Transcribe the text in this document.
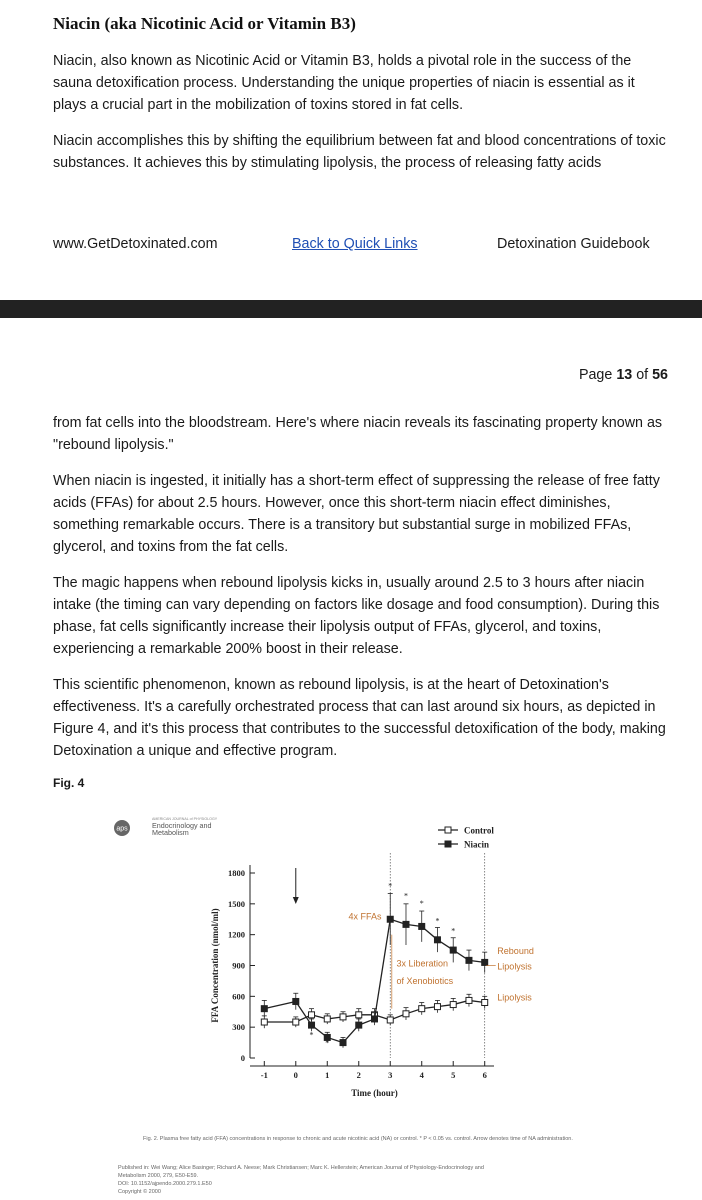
Niacin (aka Nicotinic Acid or Vitamin B3)
Niacin, also known as Nicotinic Acid or Vitamin B3, holds a pivotal role in the success of the sauna detoxification process. Understanding the unique properties of niacin is essential as it plays a crucial part in the mobilization of toxins stored in fat cells.
Niacin accomplishes this by shifting the equilibrium between fat and blood concentrations of toxic substances. It achieves this by stimulating lipolysis, the process of releasing fatty acids
www.GetDetoxinated.com	Back to Quick Links	Detoxination Guidebook
Page 13 of 56
from fat cells into the bloodstream. Here's where niacin reveals its fascinating property known as "rebound lipolysis."
When niacin is ingested, it initially has a short-term effect of suppressing the release of free fatty acids (FFAs) for about 2.5 hours. However, once this short-term niacin effect diminishes, something remarkable occurs. There is a transitory but substantial surge in mobilized FFAs, glycerol, and toxins from the fat cells.
The magic happens when rebound lipolysis kicks in, usually around 2.5 to 3 hours after niacin intake (the timing can vary depending on factors like dosage and food consumption). During this phase, fat cells significantly increase their lipolysis output of FFAs, glycerol, and toxins, experiencing a remarkable 200% boost in their release.
This scientific phenomenon, known as rebound lipolysis, is at the heart of Detoxination's effectiveness. It's a carefully orchestrated process that can last around six hours, as depicted in Figure 4, and it's this process that contributes to the successful detoxification of the body, making Detoxination a unique and effective program.
Fig. 4
aps
AMERICAN JOURNAL of PHYSIOLOGY
Endocrinology and
Metabolism
0
300
600
900
1200
1500
1800
-1	0	1	2	3	4	5	6
Time (hour)
FFA Concentration (nmol/ml)
Control
Niacin
4x FFAs
3x Liberation
of Xenobiotics
Rebound
Lipolysis
Lipolysis
*
* *
*
*
*
*
*
Fig. 2. Plasma free fatty acid (FFA) concentrations in response to chronic and acute nicotinic acid (NA) or control. * P < 0.05 vs. control. Arrow denotes time of NA administration.
Published in: Wei Wang; Alice Basinger; Richard A. Neese; Mark Christiansen; Marc K. Hellerstein; American Journal of Physiology-Endocrinology and
Metabolism 2000, 279, E50-E59.
DOI: 10.1152/ajpendo.2000.279.1.E50
Copyright © 2000
